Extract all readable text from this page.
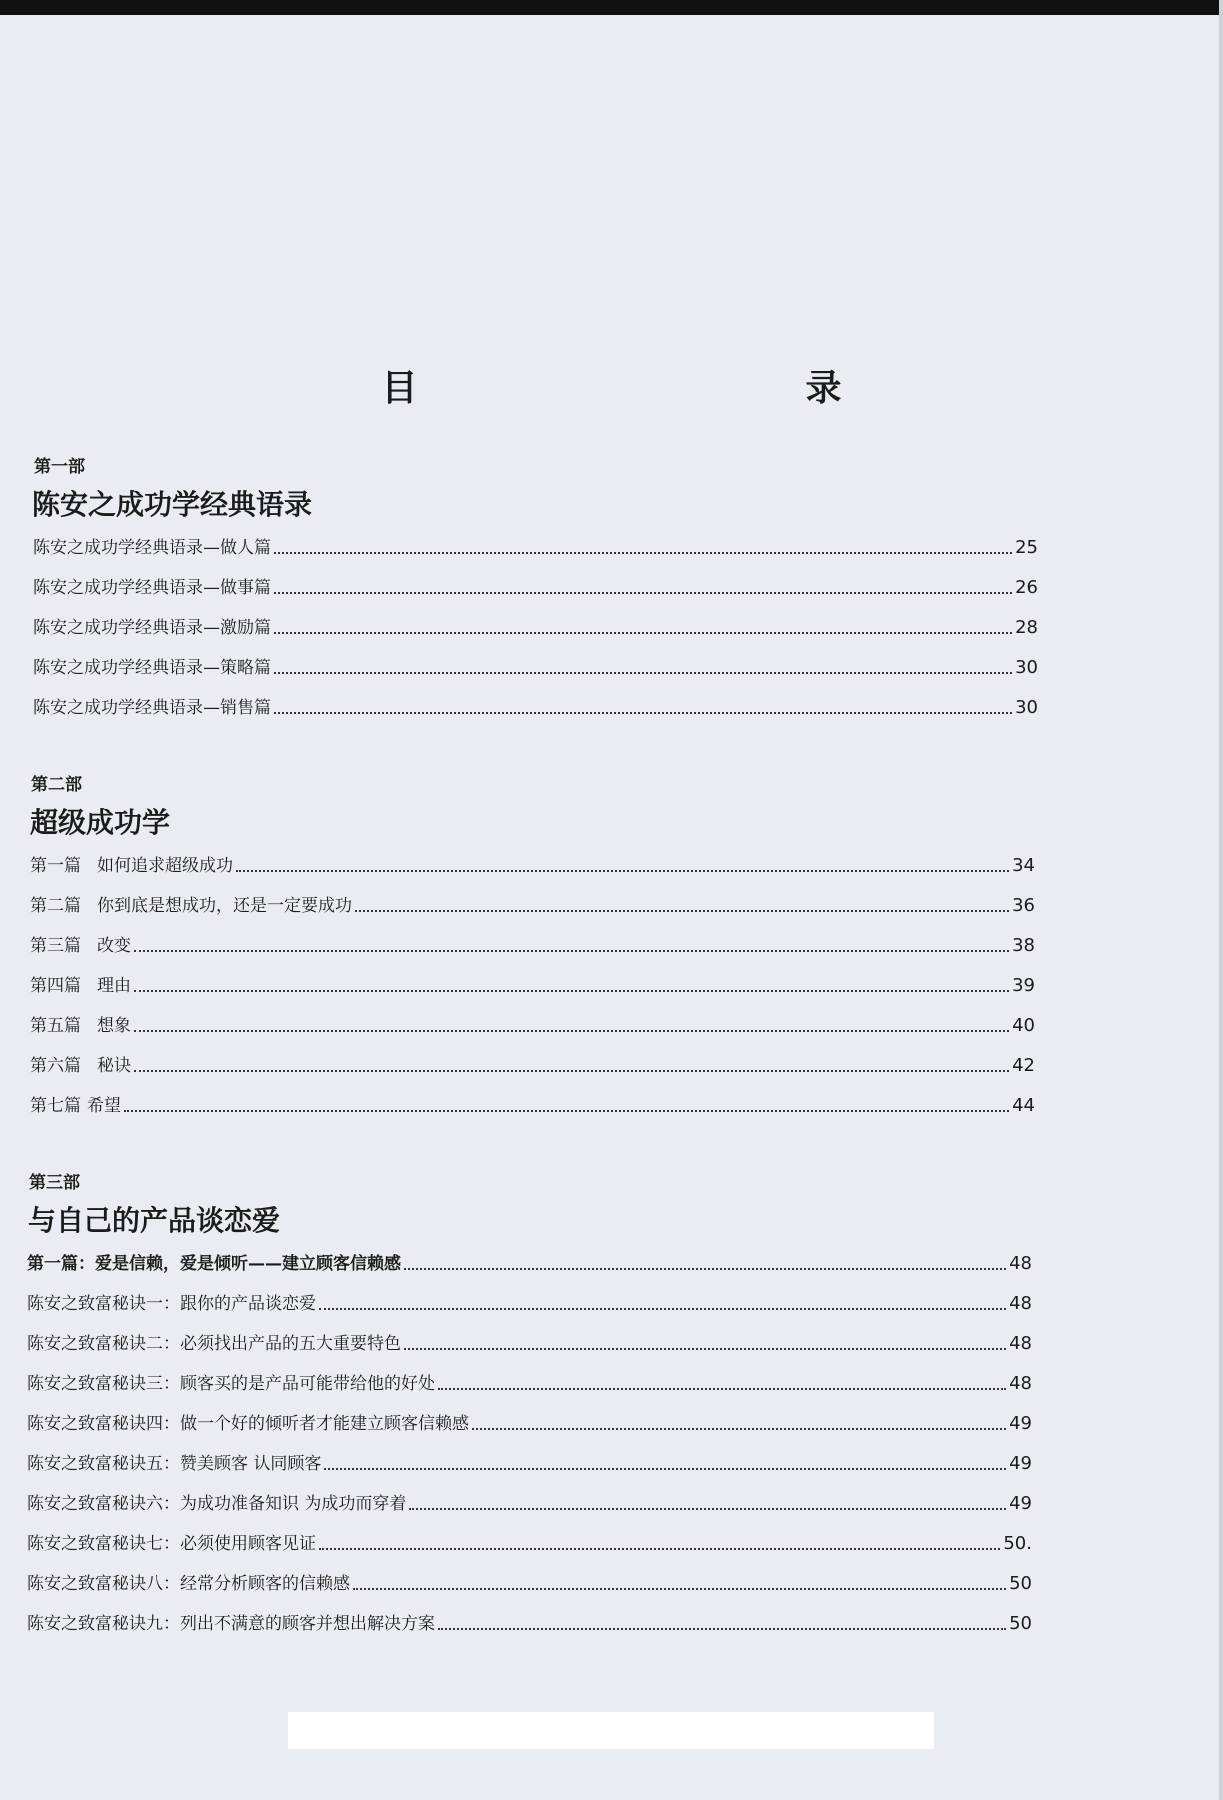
目　　　录
第一部
陈安之成功学经典语录
陈安之成功学经典语录—做人篇	25
陈安之成功学经典语录—做事篇	26
陈安之成功学经典语录—激励篇	28
陈安之成功学经典语录—策略篇	30
陈安之成功学经典语录—销售篇	30
第二部
超级成功学
第一篇 如何追求超级成功	34
第二篇 你到底是想成功，还是一定要成功	36
第三篇 改变	38
第四篇 理由	39
第五篇 想象	40
第六篇 秘诀	42
第七篇 希望	44
第三部
与自己的产品谈恋爱
第一篇：爱是信赖，爱是倾听——建立顾客信赖感	48
陈安之致富秘诀一：跟你的产品谈恋爱	48
陈安之致富秘诀二：必须找出产品的五大重要特色	48
陈安之致富秘诀三：顾客买的是产品可能带给他的好处	48
陈安之致富秘诀四：做一个好的倾听者才能建立顾客信赖感	49
陈安之致富秘诀五：赞美顾客 认同顾客	49
陈安之致富秘诀六：为成功准备知识 为成功而穿着	49
陈安之致富秘诀七：必须使用顾客见证	50.
陈安之致富秘诀八：经常分析顾客的信赖感	50
陈安之致富秘诀九：列出不满意的顾客并想出解决方案	50
